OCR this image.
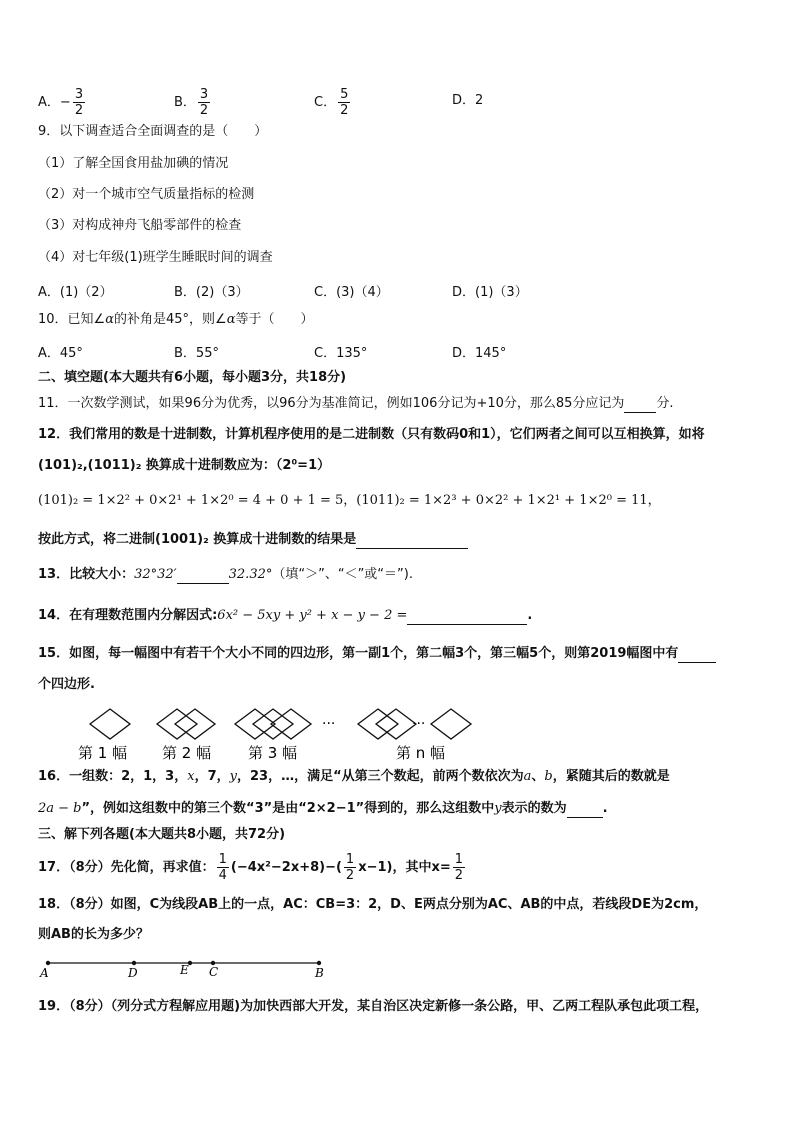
A．− $\frac{3}{2}$	B． $\frac{3}{2}$	C． $\frac{5}{2}$	D．2
9．以下调查适合全面调查的是（　　）
（1）了解全国食用盐加碘的情况
（2）对一个城市空气质量指标的检测
（3）对构成神舟飞船零部件的检查
（4）对七年级(1)班学生睡眠时间的调查
A．(1)（2）	B．(2)（3）	C．(3)（4）	D．(1)（3）
10．已知∠α的补角是45°，则∠α等于（　　）
A．45°	B．55°	C．135°	D．145°
二、填空题(本大题共有6小题，每小题3分，共18分)
11．一次数学测试，如果96分为优秀，以96分为基准简记，例如106分记为+10分，那么85分应记为 分.
12．我们常用的数是十进制数，计算机程序使用的是二进制数（只有数码0和1），它们两者之间可以互相换算，如将
(101)₂,(1011)₂ 换算成十进制数应为：（2⁰=1）
(101)₂ = 1×2² + 0×2¹ + 1×2⁰ = 4 + 0 + 1 = 5，(1011)₂ = 1×2³ + 0×2² + 1×2¹ + 1×2⁰ = 11，
按此方式，将二进制(1001)₂ 换算成十进制数的结果是
13．比较大小：32°32′	32.32°（填“＞”、“＜”或“＝”).
14．在有理数范围内分解因式:6x² − 5xy + y² + x − y − 2 =	.
15．如图，每一幅图中有若干个大小不同的四边形，第一副1个，第二幅3个，第三幅5个，则第2019幅图中有
个四边形.
···	···
第 1 幅 第 2 幅 第 3 幅	第 n 幅
16．一组数：2，1，3，x，7，y，23，…，满足“从第三个数起，前两个数依次为a、b，紧随其后的数就是
2a − b”，例如这组数中的第三个数“3”是由“2×2−1”得到的，那么这组数中y表示的数为	.
三、解下列各题(本大题共8小题，共72分)
17．（8分）先化简，再求值： $\frac{1}{4} (-4x^2-2x+8)-( \frac{1}{2} x-1)$，其中$x= \frac{1}{2}$
18．（8分）如图，C为线段AB上的一点，AC：CB=3：2，D、E两点分别为AC、AB的中点，若线段DE为2cm，
则AB的长为多少？
A	D	E C	B
19．（8分）（列分式方程解应用题)为加快西部大开发，某自治区决定新修一条公路，甲、乙两工程队承包此项工程，
